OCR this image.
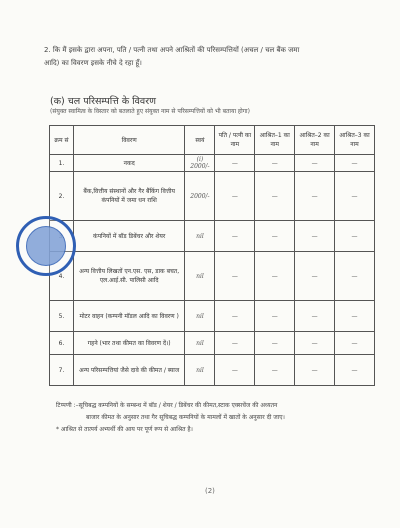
2. कि मैं इसके द्वारा अपना, पति / पत्नी तथा अपने आश्रितों की परिसम्पत्तियों (अचल / चल बैंक जमा
आदि) का विवरण इसके नीचे दे रहा हूँ।
(क) चल परिसम्पत्ति के विवरण
(संयुक्त स्वामित्व के विस्तार को बतलाते हुए संयुक्त नाम से परिसम्पत्तियों को भी बताया होगा)
क्रम सं	विवरण	स्वयं	पति / पत्नी का नाम	आश्रित–1 का नाम	आश्रित–2 का नाम	आश्रित–3 का नाम
1.	नकद	(i) 2000/-	—	—	—	—
2.	बैंक,वित्तीय संस्थानों और गैर बैंकिंग वित्तीय कंपनियों में जमा धन राशि	2000/-	—	—	—	—
	कंपनियों में बॉड डिबेंचर और शेयर	nil	—	—	—	—
4.	अन्य वित्तीय लिखतों एन.एस. एस, डाक बचत, एल.आई.सी. पालिसी आदि	nil	—	—	—	—
5.	मोटर वाहन (कम्पनी मॉडल आदि का विवरण )	nil	—	—	—	—
6.	गहने (भार तथा कीमत का विवरण दें।)	nil	—	—	—	—
7.	अन्य परिसम्पत्तियां जैसे दावे की कीमत / ब्याज	nil	—	—	—	—
टिप्पणी :–सूचिबद्ध कम्पनियों के सम्बन्ध में बॉड / शेयर / डिबेंचर की कीमत,स्टाक एक्सचेंज की अध्यतन
बाजार कीमत के अनुसार तथा गैर सूचिबद्ध कम्पनियों के मामलों में खातों के अनुसार दी जाए।
* आश्रित से तात्पर्य अभ्यर्थी की आय पर पूर्ण रूप से आश्रित है।
(2)
